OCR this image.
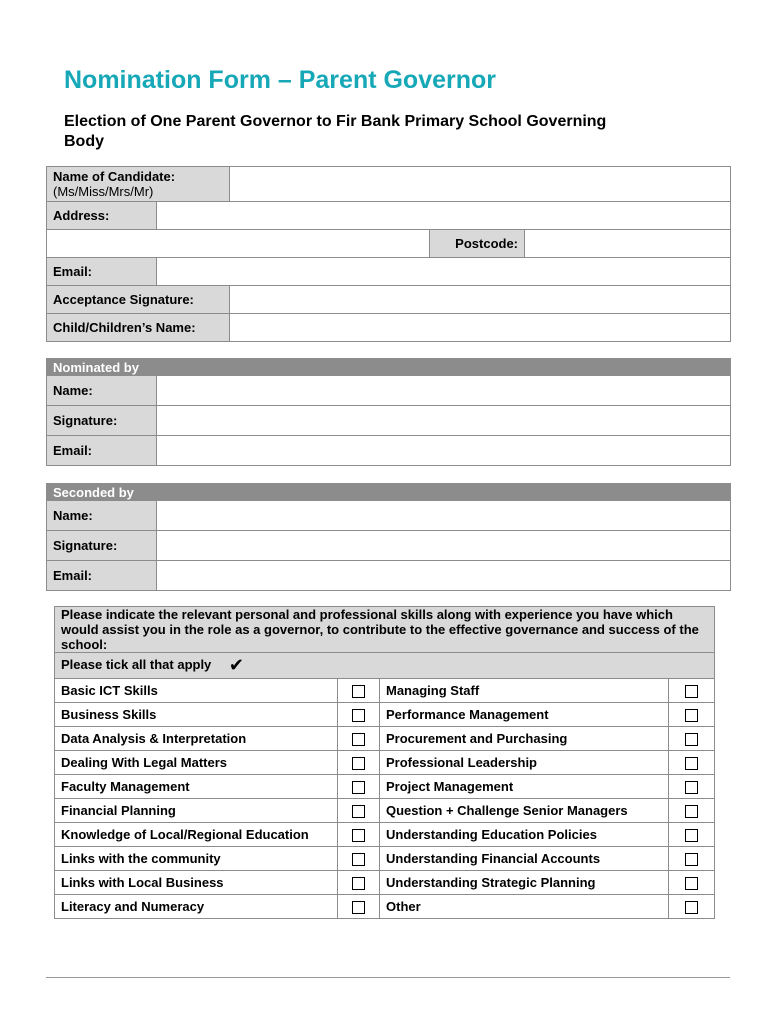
Nomination Form – Parent Governor

Election of One Parent Governor to Fir Bank Primary School Governing Body

Name of Candidate:
(Ms/Miss/Mrs/Mr)				

Address:				
			Postcode:	
Email:				
Acceptance Signature:				
Child/Children’s Name:				
Nominated by	
Name:	
Signature:	
Email:	
Seconded by	
Name:	
Signature:	
Email:	
Please indicate the relevant personal and professional skills along with experience you have which would assist you in the role as a governor, to contribute to the effective governance and success of the school:			
Please tick all that apply ✔			
Basic ICT Skills		Managing Staff	
Business Skills		Performance Management	
Data Analysis & Interpretation		Procurement and Purchasing	
Dealing With Legal Matters		Professional Leadership	
Faculty Management		Project Management	
Financial Planning		Question + Challenge Senior Managers	
Knowledge of Local/Regional Education		Understanding Education Policies	
Links with the community		Understanding Financial Accounts	
Links with Local Business		Understanding Strategic Planning	
Literacy and Numeracy		Other	
